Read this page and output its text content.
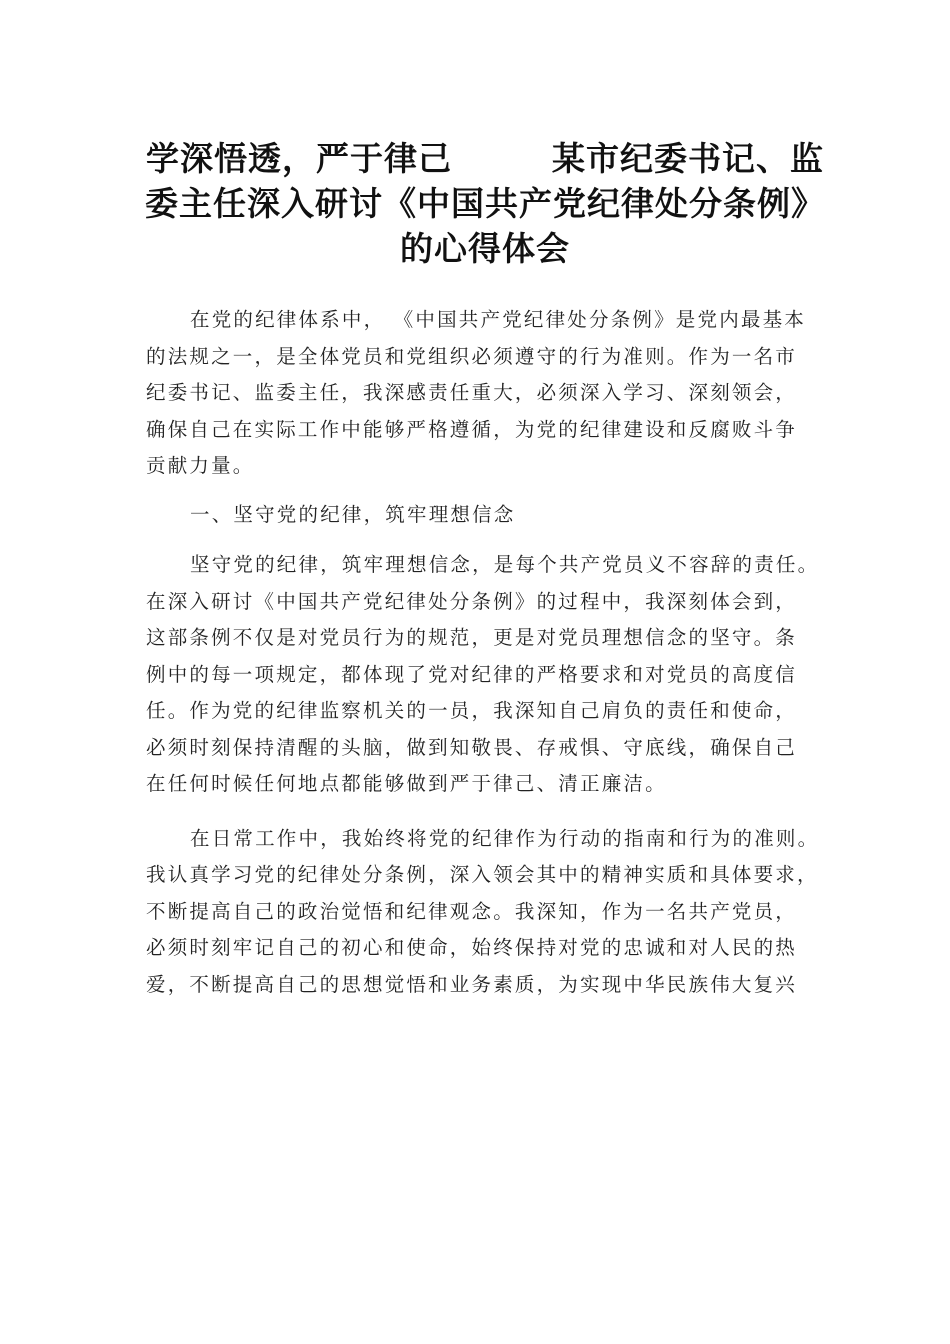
学深悟透，严于律己	某市纪委书记、监
委主任深入研讨《中国共产党纪律处分条例》
的心得体会
在党的纪律体系中， 《中国共产党纪律处分条例》是党内最基本
的法规之一，是全体党员和党组织必须遵守的行为准则。作为一名市
纪委书记、监委主任，我深感责任重大，必须深入学习、深刻领会，
确保自己在实际工作中能够严格遵循，为党的纪律建设和反腐败斗争
贡献力量。
一、坚守党的纪律，筑牢理想信念
坚守党的纪律，筑牢理想信念，是每个共产党员义不容辞的责任。
在深入研讨《中国共产党纪律处分条例》的过程中，我深刻体会到，
这部条例不仅是对党员行为的规范，更是对党员理想信念的坚守。条
例中的每一项规定，都体现了党对纪律的严格要求和对党员的高度信
任。作为党的纪律监察机关的一员，我深知自己肩负的责任和使命，
必须时刻保持清醒的头脑，做到知敬畏、存戒惧、守底线，确保自己
在任何时候任何地点都能够做到严于律己、清正廉洁。
在日常工作中，我始终将党的纪律作为行动的指南和行为的准则。
我认真学习党的纪律处分条例，深入领会其中的精神实质和具体要求，
不断提高自己的政治觉悟和纪律观念。我深知，作为一名共产党员，
必须时刻牢记自己的初心和使命，始终保持对党的忠诚和对人民的热
爱，不断提高自己的思想觉悟和业务素质，为实现中华民族伟大复兴
